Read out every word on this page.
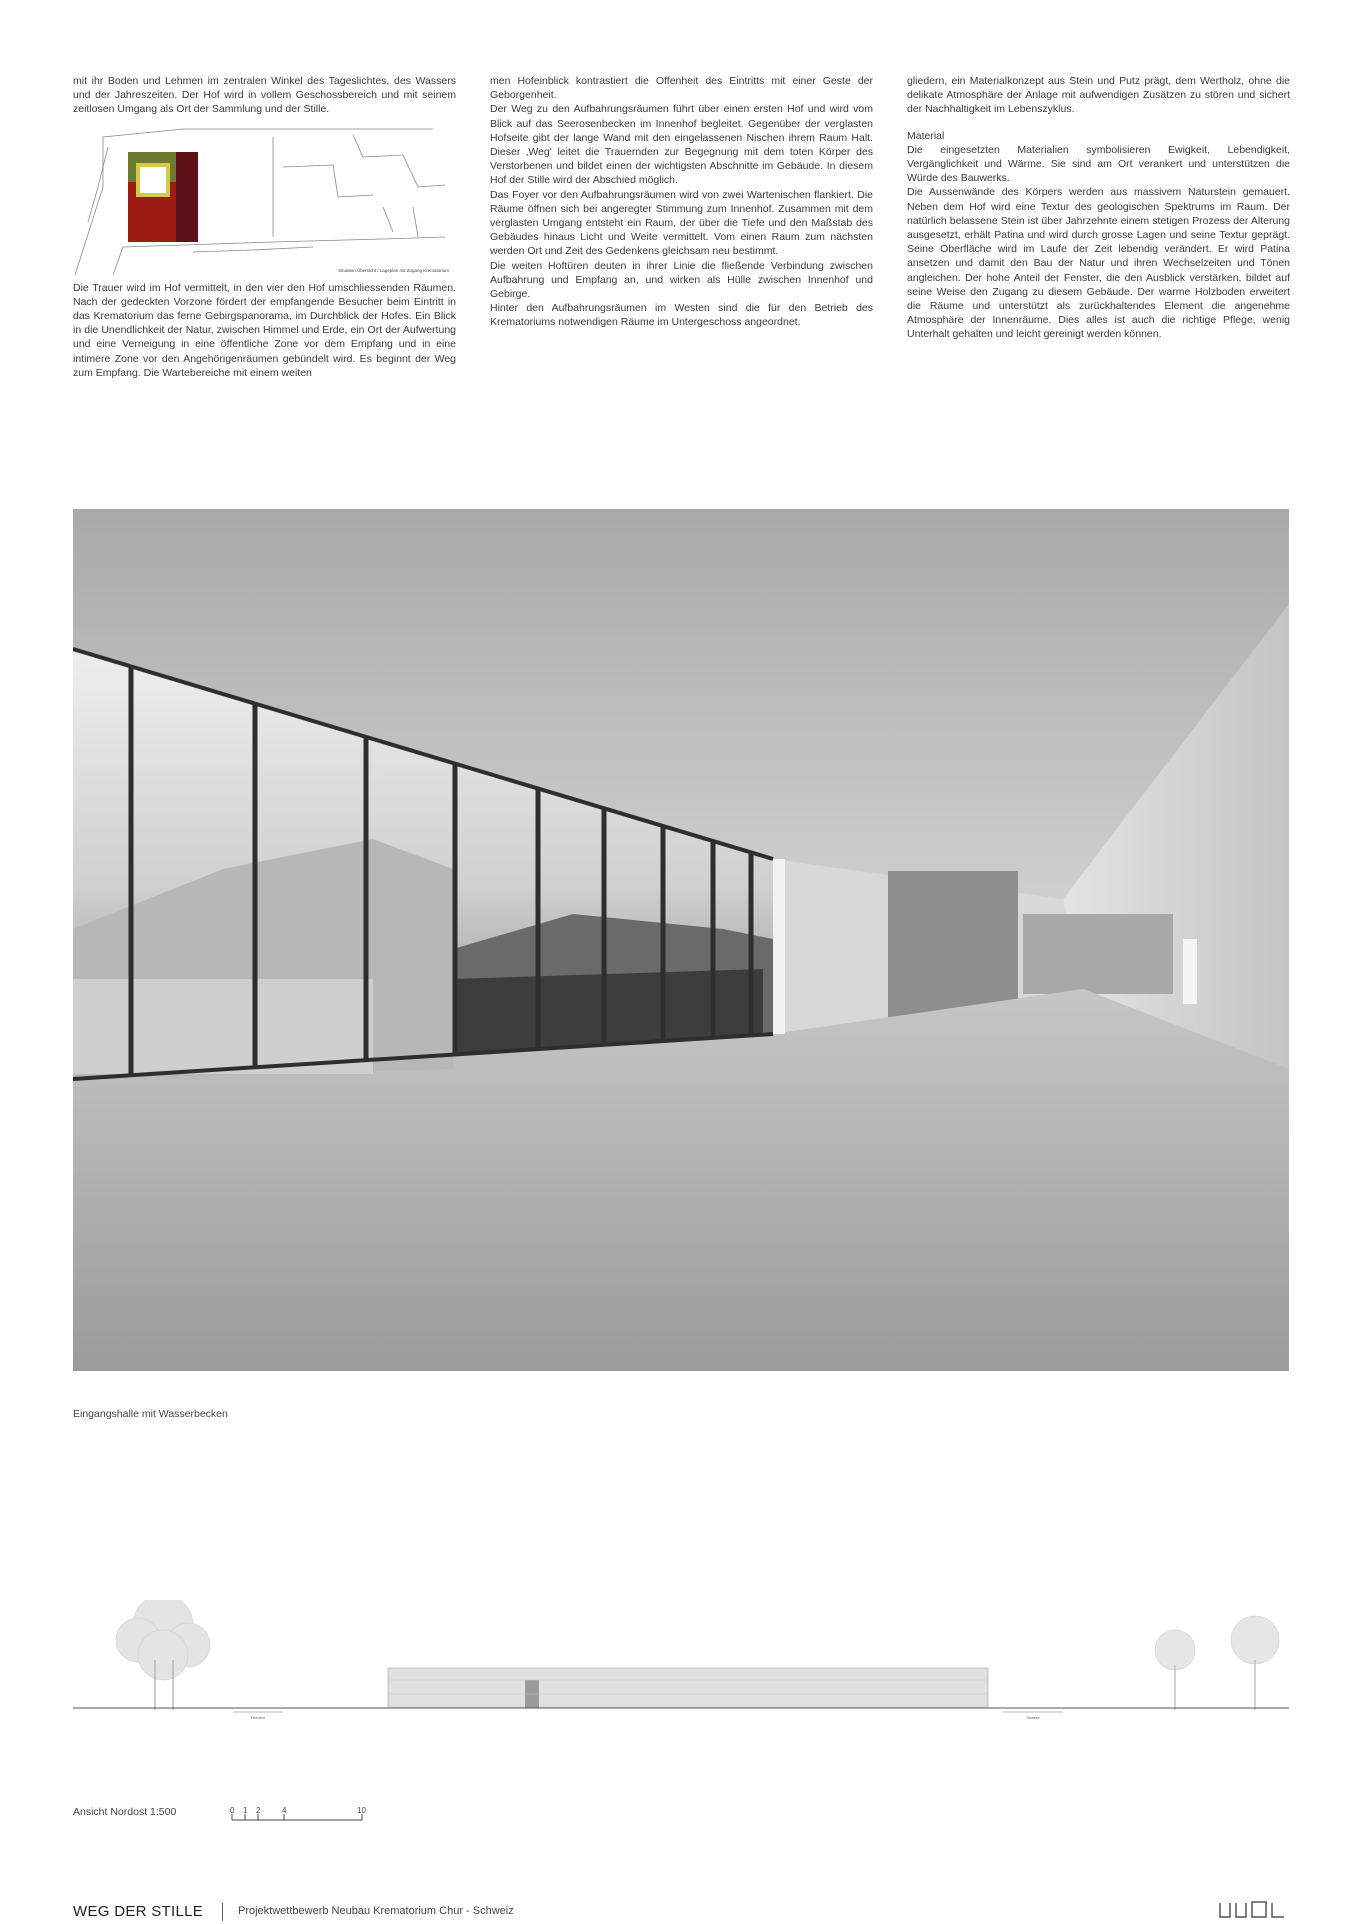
mit ihr Boden und Lehmen im zentralen Winkel des Tageslichtes, des Wassers und der Jahreszeiten. Der Hof wird in vollem Geschossbereich und mit seinem zeitlosen Umgang als Ort der Sammlung und der Stille.

Situation Übersicht / Lageplan mit Zugang Krematorium

Die Trauer wird im Hof vermittelt, in den vier den Hof umschliessenden Räumen. Nach der gedeckten Vorzone fördert der empfangende Besucher beim Eintritt in das Krematorium das ferne Gebirgspanorama, im Durchblick der Hofes. Ein Blick in die Unendlichkeit der Natur, zwischen Himmel und Erde, ein Ort der Aufwertung und eine Verneigung in eine öffentliche Zone vor dem Empfang und in eine intimere Zone vor den Angehörigenräumen gebündelt wird. Es beginnt der Weg zum Empfang. Die Wartebereiche mit einem weiten

men Hofeinblick kontrastiert die Offenheit des Eintritts mit einer Geste der Geborgenheit.

Der Weg zu den Aufbahrungsräumen führt über einen ersten Hof und wird vom Blick auf das Seerosenbecken im Innenhof begleitet. Gegenüber der verglasten Hofseite gibt der lange Wand mit den eingelassenen Nischen ihrem Raum Halt. Dieser ‚Weg' leitet die Trauernden zur Begegnung mit dem toten Körper des Verstorbenen und bildet einen der wichtigsten Abschnitte im Gebäude. In diesem Hof der Stille wird der Abschied möglich.

Das Foyer vor den Aufbahrungsräumen wird von zwei Wartenischen flankiert. Die Räume öffnen sich bei angeregter Stimmung zum Innenhof. Zusammen mit dem verglasten Umgang entsteht ein Raum, der über die Tiefe und den Maßstab des Gebäudes hinaus Licht und Weite vermittelt. Vom einen Raum zum nächsten werden Ort und Zeit des Gedenkens gleichsam neu bestimmt.

Die weiten Hoftüren deuten in ihrer Linie die fließende Verbindung zwischen Aufbahrung und Empfang an, und wirken als Hülle zwischen Innenhof und Gebirge.

Hinter den Aufbahrungsräumen im Westen sind die für den Betrieb des Krematoriums notwendigen Räume im Untergeschoss angeordnet.

gliedern, ein Materialkonzept aus Stein und Putz prägt, dem Wertholz, ohne die delikate Atmosphäre der Anlage mit aufwendigen Zusätzen zu stören und sichert der Nachhaltigkeit im Lebenszyklus.

Material

Die eingesetzten Materialien symbolisieren Ewigkeit, Lebendigkeit, Vergänglichkeit und Wärme. Sie sind am Ort verankert und unterstützen die Würde des Bauwerks.

Die Aussenwände des Körpers werden aus massivem Naturstein gemauert. Neben dem Hof wird eine Textur des geologischen Spektrums im Raum. Der natürlich belassene Stein ist über Jahrzehnte einem stetigen Prozess der Alterung ausgesetzt, erhält Patina und wird durch grosse Lagen und seine Textur geprägt. Seine Oberfläche wird im Laufe der Zeit lebendig verändert. Er wird Patina ansetzen und damit den Bau der Natur und ihren Wechselzeiten und Tönen angleichen. Der hohe Anteil der Fenster, die den Ausblick verstärken, bildet auf seine Weise den Zugang zu diesem Gebäude. Der warme Holzboden erweitert die Räume und unterstützt als zurückhaltendes Element die angenehme Atmosphäre der Innenräume. Dies alles ist auch die richtige Pflege, wenig Unterhalt gehalten und leicht gereinigt werden können.

Eingangshalle mit Wasserbecken
Friedhof	Strasse
Ansicht Nordost 1:500	0 1 2	4	10
WEG DER STILLE	Projektwettbewerb Neubau Krematorium Chur - Schweiz
